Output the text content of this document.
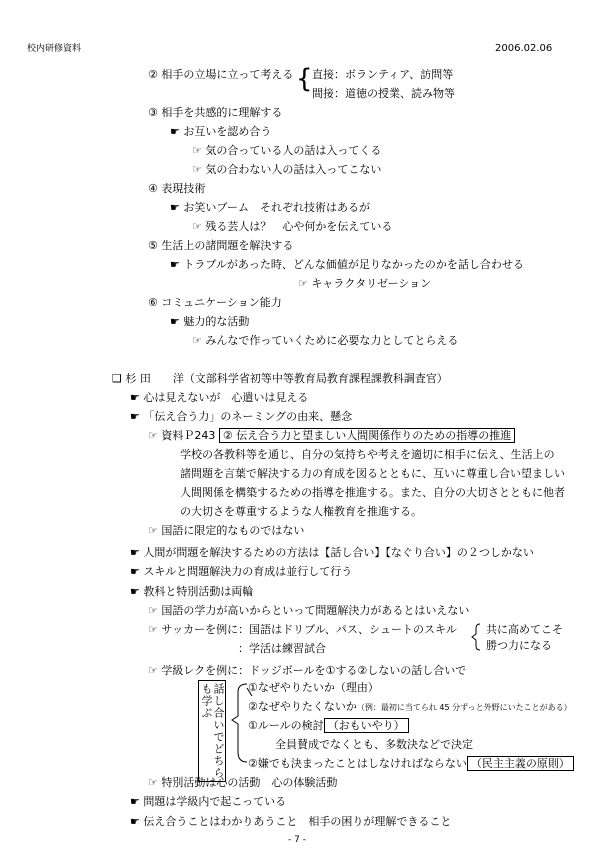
校内研修資料	2006.02.06
② 相手の立場に立って考える { 直接：ボランティア、訪問等
間接：道徳の授業、読み物等
③ 相手を共感的に理解する
☛ お互いを認め合う
☞ 気の合っている人の話は入ってくる
☞ 気の合わない人の話は入ってこない
④ 表現技術
☛ お笑いブーム　それぞれ技術はあるが
☞ 残る芸人は？　心や何かを伝えている
⑤ 生活上の諸問題を解決する
☛ トラブルがあった時、どんな価値が足りなかったのかを話し合わせる
☞ キャラクタリゼーション
⑥ コミュニケーション能力
☛ 魅力的な活動
☞ みんなで作っていくために必要な力としてとらえる
❑ 杉 田　　洋（文部科学省初等中等教育局教育課程課教科調査官）
☛ 心は見えないが　心遣いは見える
☛ 「伝え合う力」のネーミングの由来、懸念
☞ 資料Ｐ243 ② 伝え合う力と望ましい人間関係作りのための指導の推進
学校の各教科等を通じ、自分の気持ちや考えを適切に相手に伝え、生活上の
諸問題を言葉で解決する力の育成を図るとともに、互いに尊重し合い望ましい
人間関係を構築するための指導を推進する。また、自分の大切さとともに他者
の大切さを尊重するような人権教育を推進する。
☞ 国語に限定的なものではない
☛ 人間が問題を解決するための方法は【話し合い】【なぐり合い】の２つしかない
☛ スキルと問題解決力の育成は並行して行う
☛ 教科と特別活動は両輪
☞ 国語の学力が高いからといって問題解決力があるとはいえない
☞ サッカーを例に：国語はドリブル、パス、シュートのスキル
：学活は練習試合
共に高めてこそ
勝つ力になる
☞ 学級レクを例に：ドッジボールを①する②しないの話し合いで
話し合いでどちらも学ぶ	①なぜやりたいか（理由）
②なぜやりたくないか（例：最初に当てられ 45 分ずっと外野にいたことがある）
①ルールの検討 （おもいやり）
全員賛成でなくとも、多数決などで決定
②嫌でも決まったことはしなければならない （民主主義の原則）
☞ 特別活動は心の活動　心の体験活動
☛ 問題は学級内で起こっている
☛ 伝え合うことはわかりあうこと　相手の困りが理解できること
- 7 -
